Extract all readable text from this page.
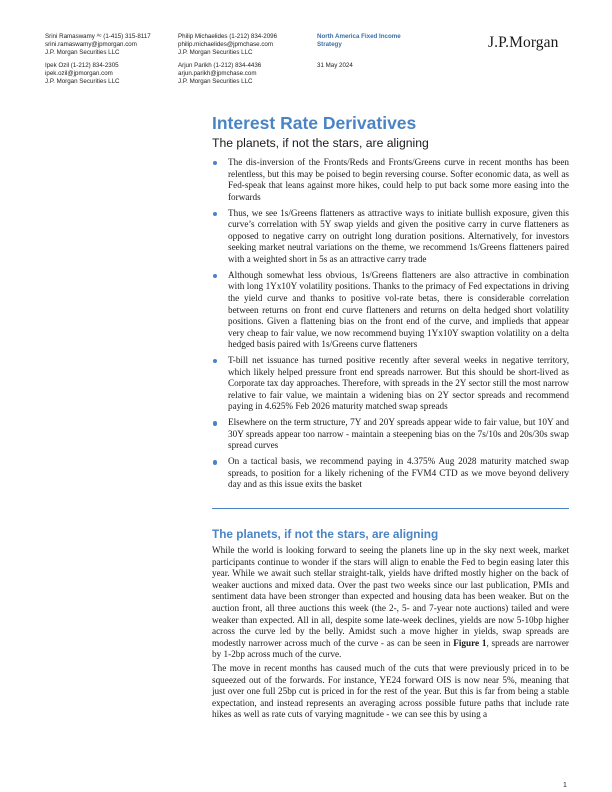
Srini Ramaswamy ᴬᶜ (1-415) 315-8117
srini.ramaswamy@jpmorgan.com
J.P. Morgan Securities LLC
Ipek Ozil (1-212) 834-2305
ipek.ozil@jpmorgan.com
J.P. Morgan Securities LLC
Philip Michaelides (1-212) 834-2096
philip.michaelides@jpmchase.com
J.P. Morgan Securities LLC
Arjun Parikh (1-212) 834-4436
arjun.parikh@jpmchase.com
J.P. Morgan Securities LLC
North America Fixed Income
Strategy
31 May 2024
J.P.Morgan
Interest Rate Derivatives
The planets, if not the stars, are aligning
The dis-inversion of the Fronts/Reds and Fronts/Greens curve in recent months has been relentless, but this may be poised to begin reversing course. Softer economic data, as well as Fed-speak that leans against more hikes, could help to put back some more easing into the forwards
Thus, we see 1s/Greens flatteners as attractive ways to initiate bullish exposure, given this curve’s correlation with 5Y swap yields and given the positive carry in curve flatteners as opposed to negative carry on outright long duration positions. Alternatively, for investors seeking market neutral variations on the theme, we recommend 1s/Greens flatteners paired with a weighted short in 5s as an attractive carry trade
Although somewhat less obvious, 1s/Greens flatteners are also attractive in combination with long 1Yx10Y volatility positions. Thanks to the primacy of Fed expectations in driving the yield curve and thanks to positive vol-rate betas, there is considerable correlation between returns on front end curve flatteners and returns on delta hedged short volatility positions. Given a flattening bias on the front end of the curve, and implieds that appear very cheap to fair value, we now recommend buying 1Yx10Y swaption volatility on a delta hedged basis paired with 1s/Greens curve flatteners
T-bill net issuance has turned positive recently after several weeks in negative territory, which likely helped pressure front end spreads narrower. But this should be short-lived as Corporate tax day approaches. Therefore, with spreads in the 2Y sector still the most narrow relative to fair value, we maintain a widening bias on 2Y sector spreads and recommend paying in 4.625% Feb 2026 maturity matched swap spreads
Elsewhere on the term structure, 7Y and 20Y spreads appear wide to fair value, but 10Y and 30Y spreads appear too narrow - maintain a steepening bias on the 7s/10s and 20s/30s swap spread curves
On a tactical basis, we recommend paying in 4.375% Aug 2028 maturity matched swap spreads, to position for a likely richening of the FVM4 CTD as we move beyond delivery day and as this issue exits the basket
The planets, if not the stars, are aligning
While the world is looking forward to seeing the planets line up in the sky next week, market participants continue to wonder if the stars will align to enable the Fed to begin easing later this year. While we await such stellar straight-talk, yields have drifted mostly higher on the back of weaker auctions and mixed data. Over the past two weeks since our last publication, PMIs and sentiment data have been stronger than expected and housing data has been weaker. But on the auction front, all three auctions this week (the 2-, 5- and 7-year note auctions) tailed and were weaker than expected. All in all, despite some late-week declines, yields are now 5-10bp higher across the curve led by the belly. Amidst such a move higher in yields, swap spreads are modestly narrower across much of the curve - as can be seen in Figure 1, spreads are narrower by 1-2bp across much of the curve.
The move in recent months has caused much of the cuts that were previously priced in to be squeezed out of the forwards. For instance, YE24 forward OIS is now near 5%, meaning that just over one full 25bp cut is priced in for the rest of the year. But this is far from being a stable expectation, and instead represents an averaging across possible future paths that include rate hikes as well as rate cuts of varying magnitude - we can see this by using a
1
